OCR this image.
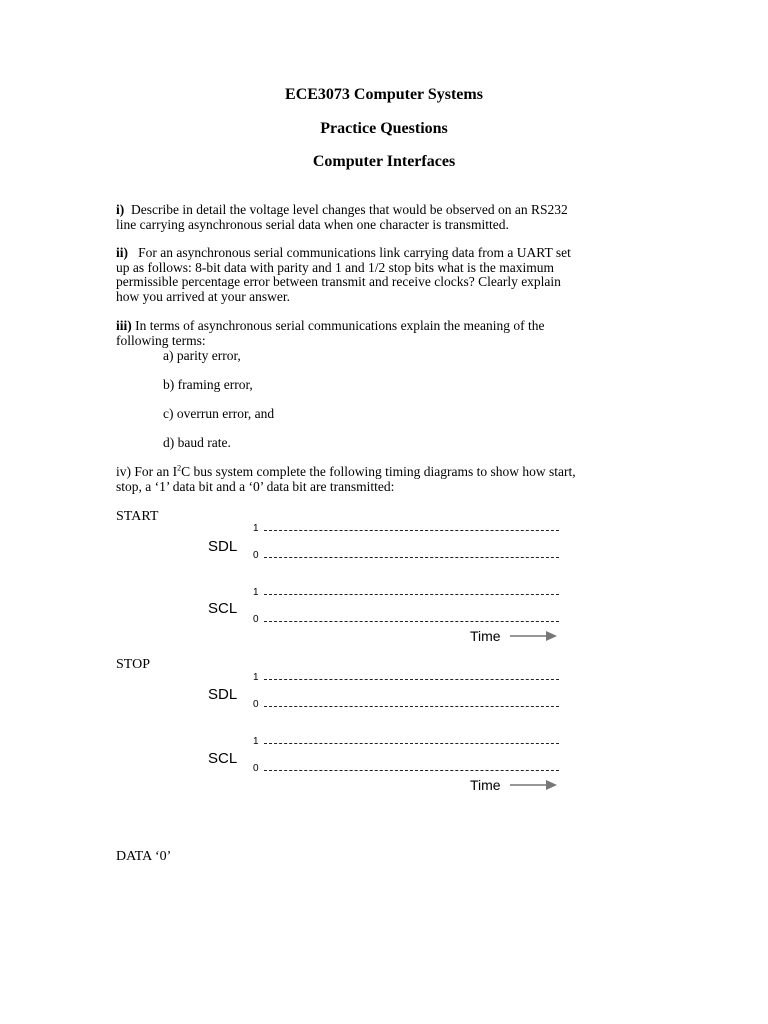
ECE3073 Computer Systems
Practice Questions
Computer Interfaces
i) Describe in detail the voltage level changes that would be observed on an RS232
line carrying asynchronous serial data when one character is transmitted.
ii) For an asynchronous serial communications link carrying data from a UART set
up as follows: 8-bit data with parity and 1 and 1/2 stop bits what is the maximum
permissible percentage error between transmit and receive clocks? Clearly explain
how you arrived at your answer.
iii) In terms of asynchronous serial communications explain the meaning of the
following terms:
a) parity error,
b) framing error,
c) overrun error, and
d) baud rate.
iv) For an $I^2C$ bus system complete the following timing diagrams to show how start,
stop, a ‘1’ data bit and a ‘0’ data bit are transmitted:
START
SDL
1
0
SCL
1
0
Time
STOP
SDL
1
0
SCL
1
0
Time
DATA ‘0’
